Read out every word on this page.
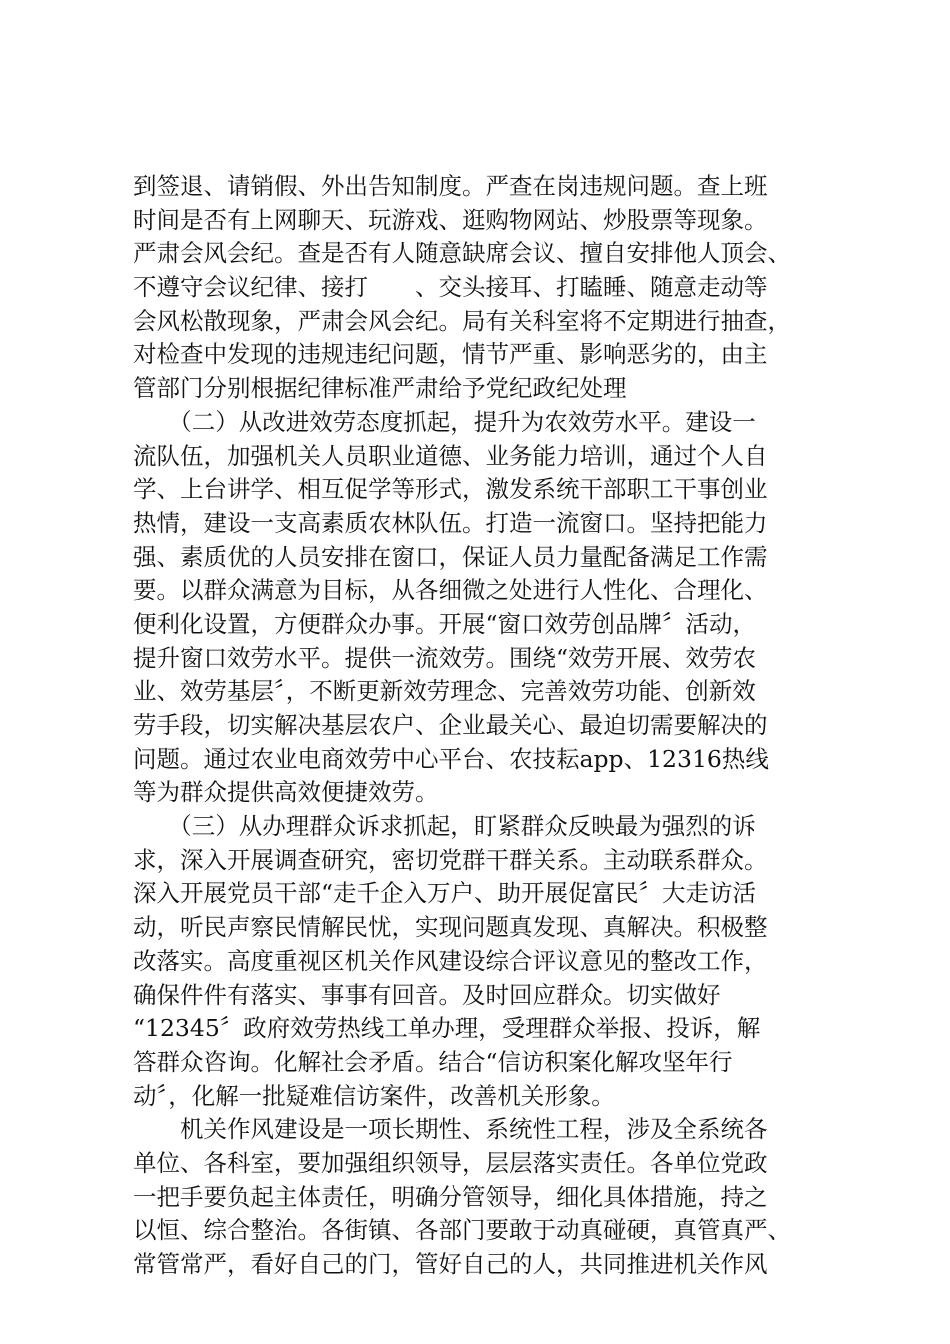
到签退、请销假、外出告知制度。严查在岗违规问题。查上班
时间是否有上网聊天、玩游戏、逛购物网站、炒股票等现象。
严肃会风会纪。查是否有人随意缺席会议、擅自安排他人顶会、
不遵守会议纪律、接打　　、交头接耳、打瞌睡、随意走动等
会风松散现象，严肃会风会纪。局有关科室将不定期进行抽查，
对检查中发现的违规违纪问题，情节严重、影响恶劣的，由主
管部门分别根据纪律标准严肃给予党纪政纪处理
　　（二）从改进效劳态度抓起，提升为农效劳水平。建设一
流队伍，加强机关人员职业道德、业务能力培训，通过个人自
学、上台讲学、相互促学等形式，激发系统干部职工干事创业
热情，建设一支高素质农林队伍。打造一流窗口。坚持把能力
强、素质优的人员安排在窗口，保证人员力量配备满足工作需
要。以群众满意为目标，从各细微之处进行人性化、合理化、
便利化设置，方便群众办事。开展“窗口效劳创品牌〞活动，
提升窗口效劳水平。提供一流效劳。围绕“效劳开展、效劳农
业、效劳基层〞，不断更新效劳理念、完善效劳功能、创新效
劳手段，切实解决基层农户、企业最关心、最迫切需要解决的
问题。通过农业电商效劳中心平台、农技耘app、12316热线
等为群众提供高效便捷效劳。
　　（三）从办理群众诉求抓起，盯紧群众反映最为强烈的诉
求，深入开展调查研究，密切党群干群关系。主动联系群众。
深入开展党员干部“走千企入万户、助开展促富民〞大走访活
动，听民声察民情解民忧，实现问题真发现、真解决。积极整
改落实。高度重视区机关作风建设综合评议意见的整改工作，
确保件件有落实、事事有回音。及时回应群众。切实做好
“12345〞政府效劳热线工单办理，受理群众举报、投诉，解
答群众咨询。化解社会矛盾。结合“信访积案化解攻坚年行
动〞，化解一批疑难信访案件，改善机关形象。
　　机关作风建设是一项长期性、系统性工程，涉及全系统各
单位、各科室，要加强组织领导，层层落实责任。各单位党政
一把手要负起主体责任，明确分管领导，细化具体措施，持之
以恒、综合整治。各街镇、各部门要敢于动真碰硬，真管真严、
常管常严，看好自己的门，管好自己的人，共同推进机关作风
